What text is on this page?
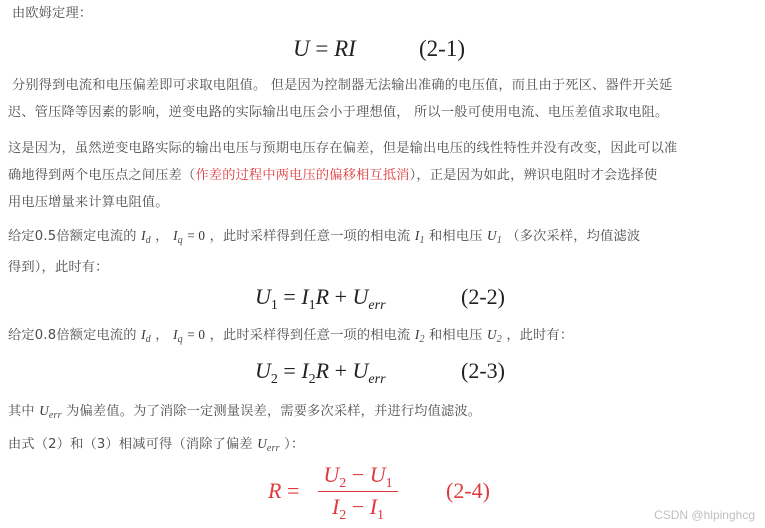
由欧姆定理：
U = RI	(2-1)
分别得到电流和电压偏差即可求取电阻值。 但是因为控制器无法输出准确的电压值，而且由于死区、器件开关延
迟、管压降等因素的影响，逆变电路的实际输出电压会小于理想值， 所以一般可使用电流、电压差值求取电阻。
这是因为，虽然逆变电路实际的输出电压与预期电压存在偏差，但是输出电压的线性特性并没有改变，因此可以准
确地得到两个电压点之间压差（作差的过程中两电压的偏移相互抵消），正是因为如此，辨识电阻时才会选择使
用电压增量来计算电阻值。
给定0.5倍额定电流的 $I_d$ ， $I_q = 0$ ，此时采样得到任意一项的相电流 $I_1$ 和相电压 $U_1$ （多次采样，均值滤波
得到），此时有：
$U_1 = I_1R + U_{err}$	(2-2)
给定0.8倍额定电流的 $I_d$ ， $I_q = 0$ ，此时采样得到任意一项的相电流 $I_2$ 和相电压 $U_2$ ，此时有：
$U_2 = I_2R + U_{err}$	(2-3)
其中 $U_{err}$ 为偏差值。为了消除一定测量误差，需要多次采样，并进行均值滤波。
由式（2）和（3）相减可得（消除了偏差 $U_{err}$ ）：
R =
$U_2 - U_1$
$I_2 - I_1$
(2-4)
CSDN @hlpinghcg
